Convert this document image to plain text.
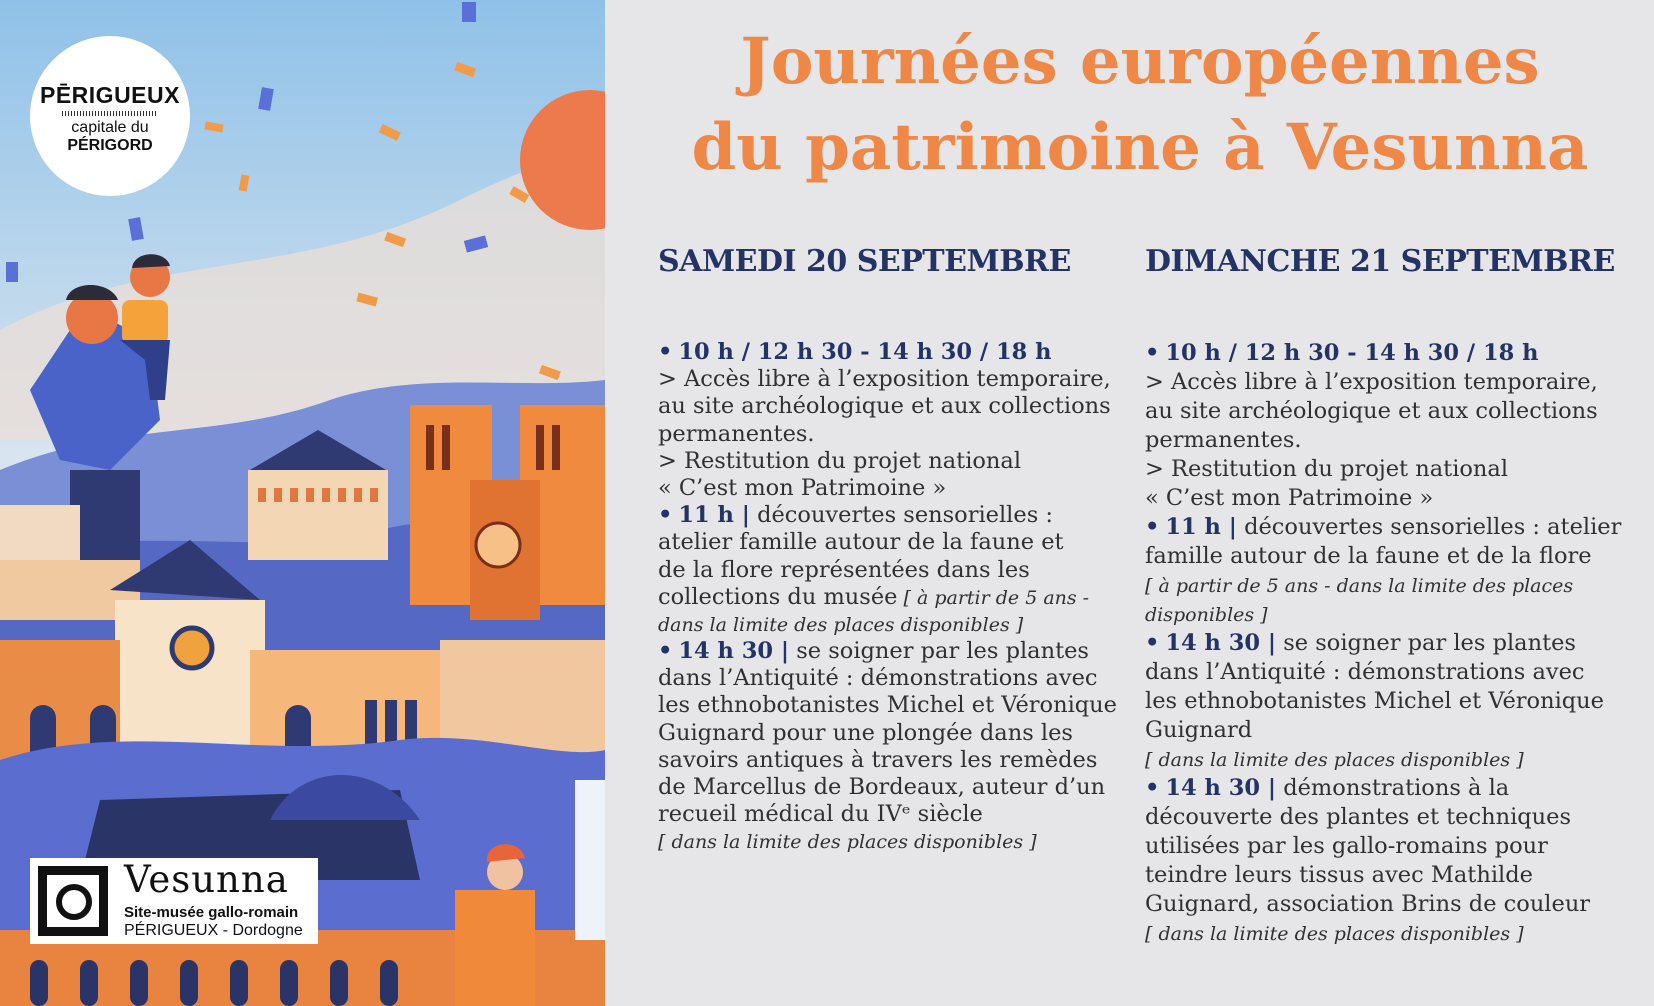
PĒRIGUEUX
capitale du
PÉRIGORD
Vesunna
Site-musée gallo-romain
PÉRIGUEUX - Dordogne
Journées européennes
du patrimoine à Vesunna
SAMEDI 20 SEPTEMBRE DIMANCHE 21 SEPTEMBRE
• 10 h / 12 h 30 - 14 h 30 / 18 h
> Accès libre à l’exposition temporaire,
au site archéologique et aux collections
permanentes.
> Restitution du projet national
« C’est mon Patrimoine »
• 11 h | découvertes sensorielles :
atelier famille autour de la faune et
de la flore représentées dans les
collections du musée [ à partir de 5 ans -
dans la limite des places disponibles ]
• 14 h 30 | se soigner par les plantes
dans l’Antiquité : démonstrations avec
les ethnobotanistes Michel et Véronique
Guignard pour une plongée dans les
savoirs antiques à travers les remèdes
de Marcellus de Bordeaux, auteur d’un
recueil médical du IVᵉ siècle
[ dans la limite des places disponibles ]
• 10 h / 12 h 30 - 14 h 30 / 18 h
> Accès libre à l’exposition temporaire,
au site archéologique et aux collections
permanentes.
> Restitution du projet national
« C’est mon Patrimoine »
• 11 h | découvertes sensorielles : atelier
famille autour de la faune et de la flore
[ à partir de 5 ans - dans la limite des places
disponibles ]
• 14 h 30 | se soigner par les plantes
dans l’Antiquité : démonstrations avec
les ethnobotanistes Michel et Véronique
Guignard
[ dans la limite des places disponibles ]
• 14 h 30 | démonstrations à la
découverte des plantes et techniques
utilisées par les gallo-romains pour
teindre leurs tissus avec Mathilde
Guignard, association Brins de couleur
[ dans la limite des places disponibles ]
